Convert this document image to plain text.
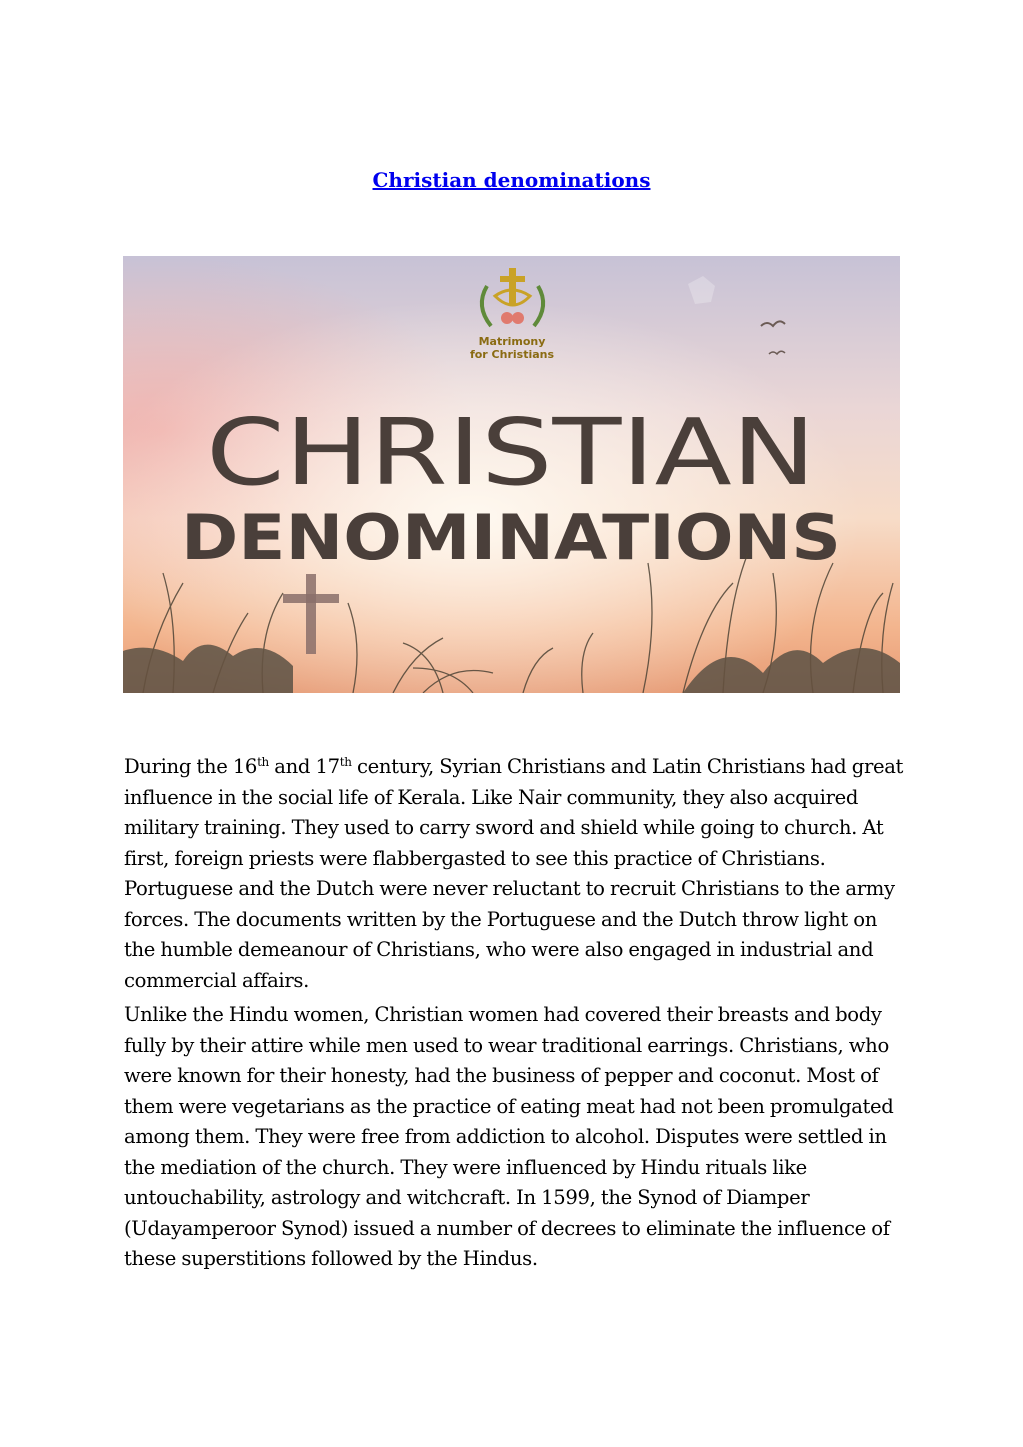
Christian denominations
Matrimony
for Christians
CHRISTIAN
DENOMINATIONS

During the 16th and 17th century, Syrian Christians and Latin Christians had great influence in the social life of Kerala. Like Nair community, they also acquired military training. They used to carry sword and shield while going to church. At first, foreign priests were flabbergasted to see this practice of Christians. Portuguese and the Dutch were never reluctant to recruit Christians to the army forces. The documents written by the Portuguese and the Dutch throw light on the humble demeanour of Christians, who were also engaged in industrial and commercial affairs.

Unlike the Hindu women, Christian women had covered their breasts and body fully by their attire while men used to wear traditional earrings. Christians, who were known for their honesty, had the business of pepper and coconut. Most of them were vegetarians as the practice of eating meat had not been promulgated among them. They were free from addiction to alcohol. Disputes were settled in the mediation of the church. They were influenced by Hindu rituals like untouchability, astrology and witchcraft. In 1599, the Synod of Diamper (Udayamperoor Synod) issued a number of decrees to eliminate the influence of these superstitions followed by the Hindus.
